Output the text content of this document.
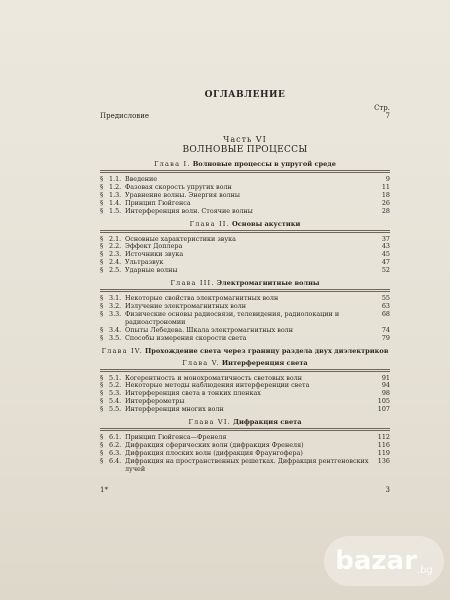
ОГЛАВЛЕНИЕ
Стр.
Предисловие	7
Часть VI
ВОЛНОВЫЕ ПРОЦЕССЫ
Глава I. Волновые процессы в упругой среде
§ 1.1. Введение	9
§ 1.2. Фазовая скорость упругих волн	11
§ 1.3. Уравнение волны. Энергия волны	18
§ 1.4. Принцип Гюйгенса	26
§ 1.5. Интерференция волн. Стоячие волны	28
Глава II. Основы акустики
§ 2.1. Основные характеристики звука	37
§ 2.2. Эффект Доплера	43
§ 2.3. Источники звука	45
§ 2.4. Ультразвук	47
§ 2.5. Ударные волны	52
Глава III. Электромагнитные волны
§ 3.1. Некоторые свойства электромагнитных волн	55
§ 3.2. Излучение электромагнитных волн	63
§ 3.3. Физические основы радиосвязи, телевидения, радиолокации и радиоастрономии
68
§ 3.4. Опыты Лебедева. Шкала электромагнитных волн	74
§ 3.5. Способы измерения скорости света	79
Глава IV. Прохождение света через границу раздела двух диэлектриков
Глава V. Интерференция света
§ 5.1. Когерентность и монохроматичность световых волн	91
§ 5.2. Некоторые методы наблюдения интерференции света	94
§ 5.3. Интерференция света в тонких пленках	98
§ 5.4. Интерферометры	105
§ 5.5. Интерференция многих волн	107
Глава VI. Дифракция света
§ 6.1. Принцип Гюйгенса—Френеля	112
§ 6.2. Дифракция сферических волн (дифракция Френеля)	116
§ 6.3. Дифракция плоских волн (дифракция Фраунгофера)	119
§ 6.4. Дифракция на пространственных решетках. Дифракция рентгеновских лучей
136
1*	3
bazar .bg
